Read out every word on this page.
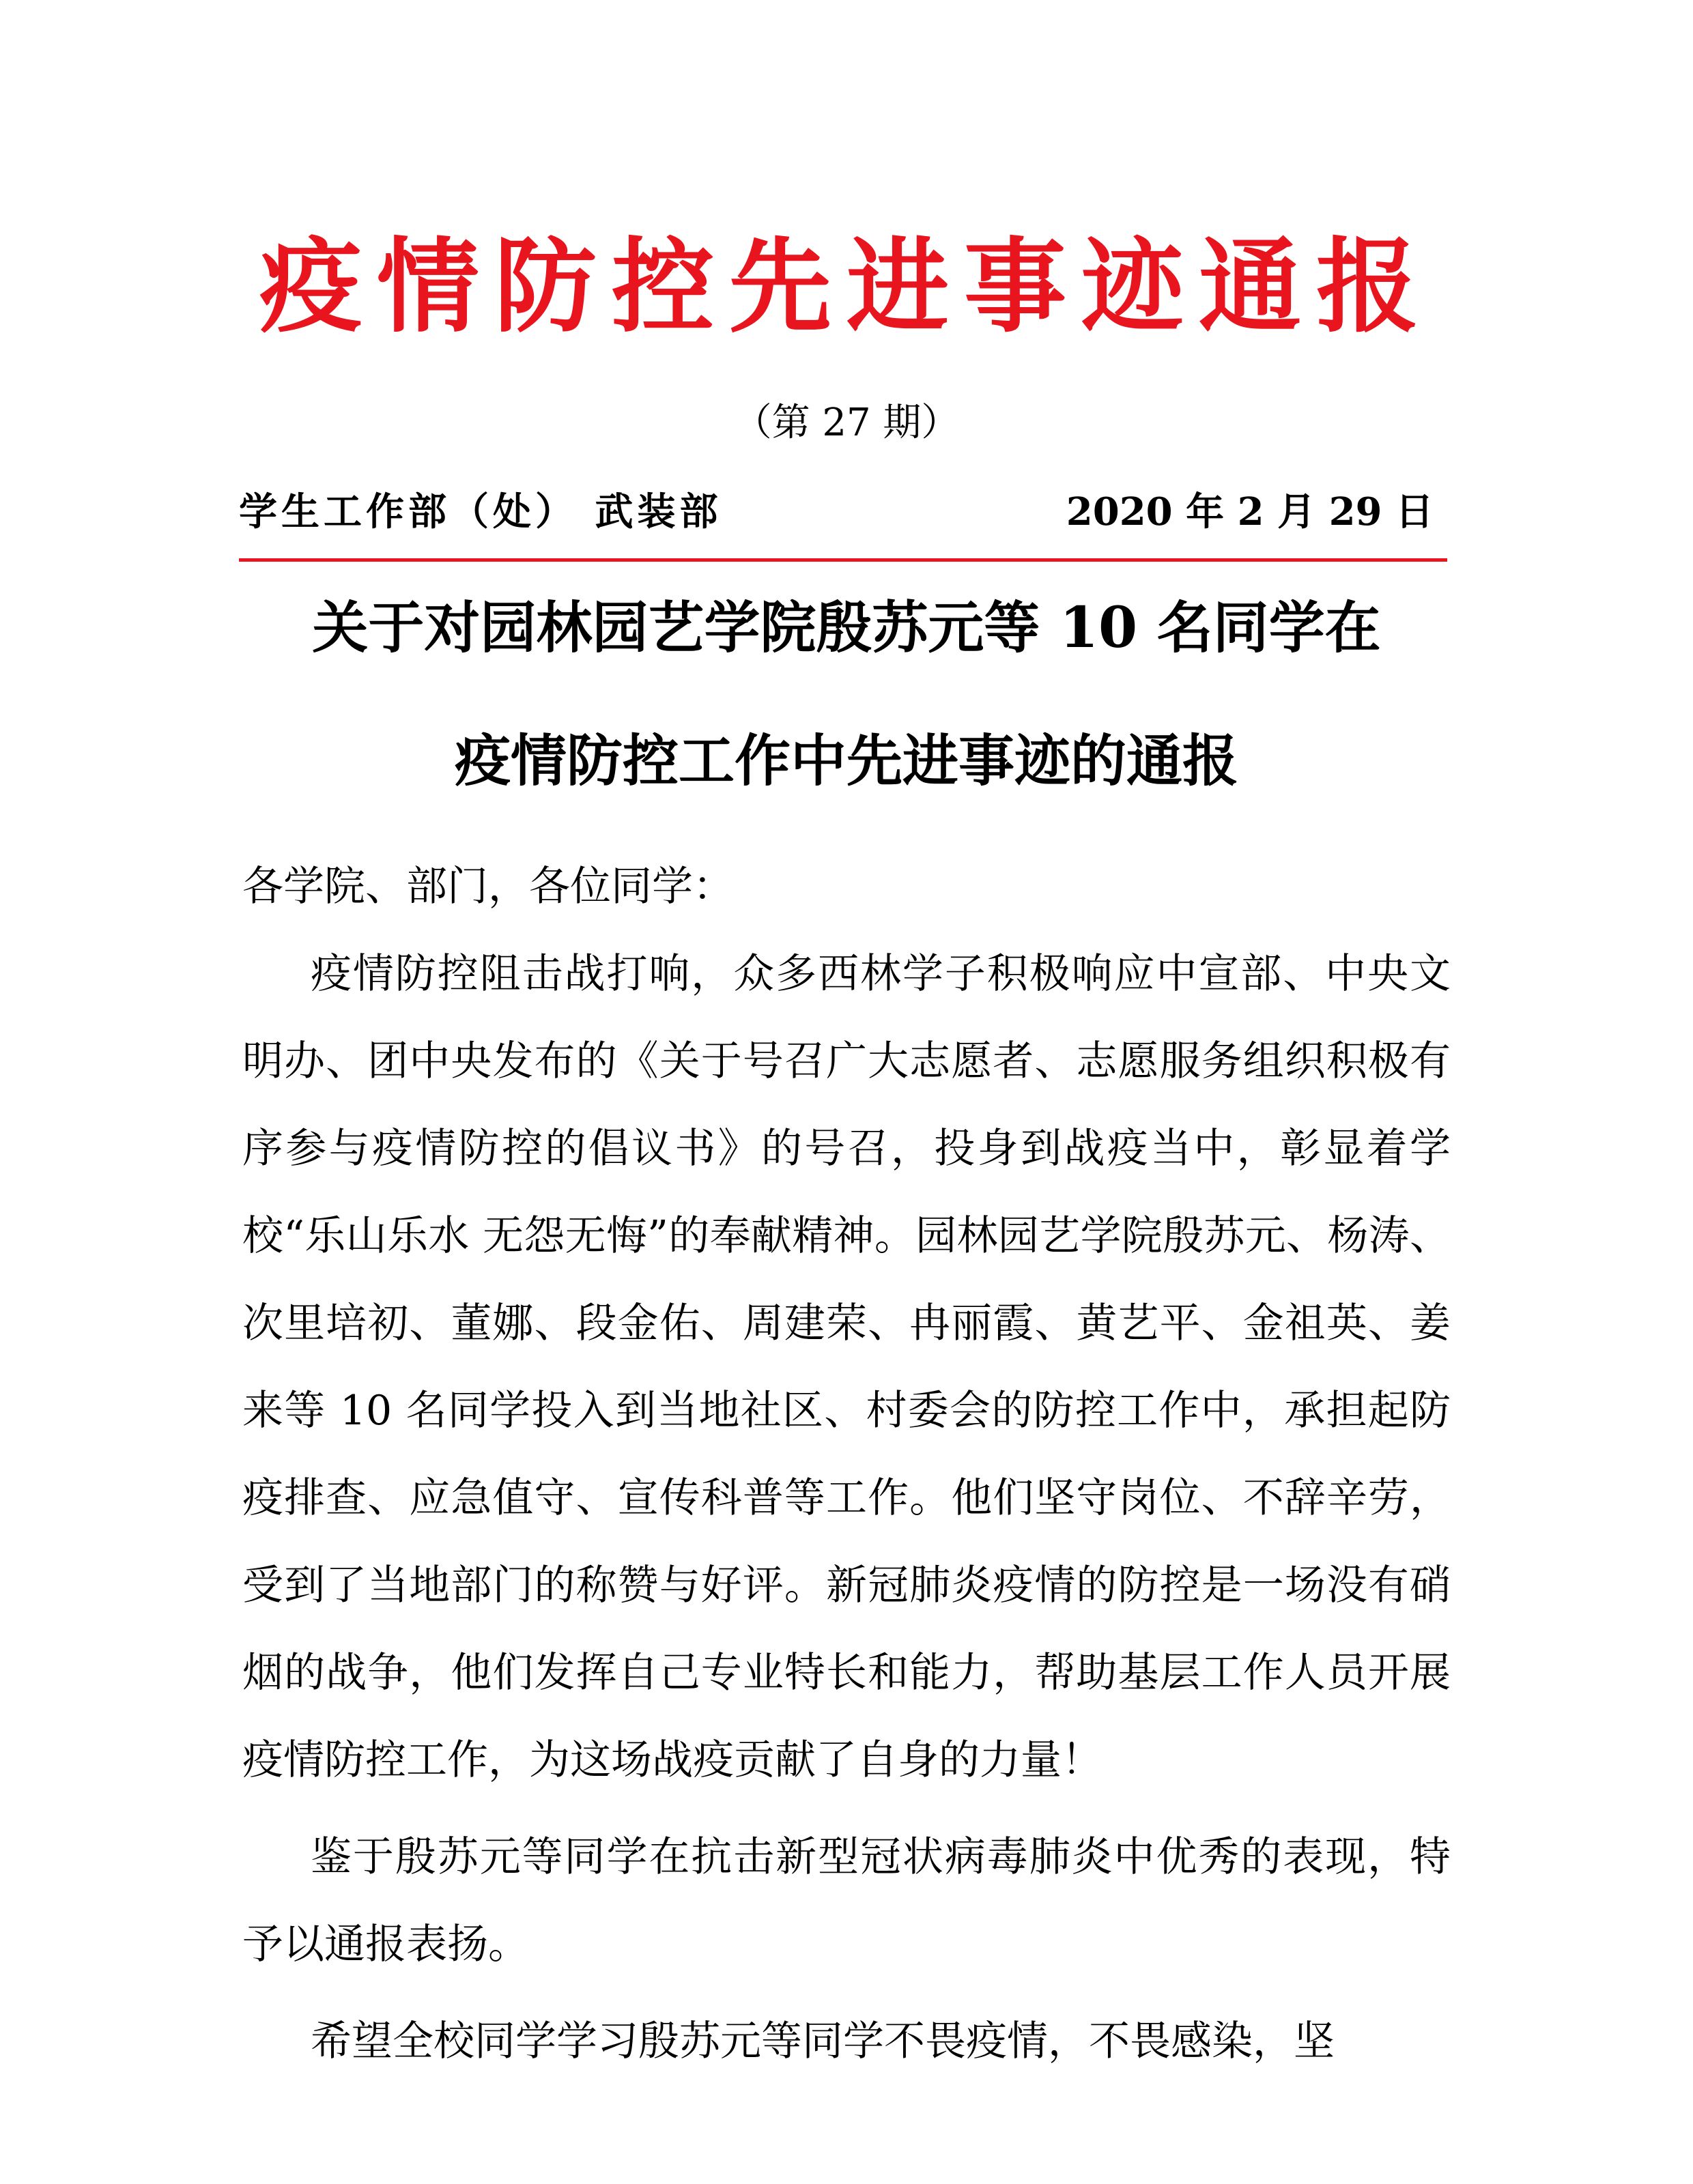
疫情防控先进事迹通报
（第 27 期）
学生工作部（处） 武装部	2020 年 2 月 29 日
关于对园林园艺学院殷苏元等 10 名同学在
疫情防控工作中先进事迹的通报

各学院、部门，各位同学：

疫情防控阻击战打响，众多西林学子积极响应中宣部、中央文明办、团中央发布的《关于号召广大志愿者、志愿服务组织积极有序参与疫情防控的倡议书》的号召，投身到战疫当中，彰显着学校“乐山乐水 无怨无悔”的奉献精神。园林园艺学院殷苏元、杨涛、次里培初、董娜、段金佑、周建荣、冉丽霞、黄艺平、金祖英、姜来等 10 名同学投入到当地社区、村委会的防控工作中，承担起防疫排查、应急值守、宣传科普等工作。他们坚守岗位、不辞辛劳，受到了当地部门的称赞与好评。新冠肺炎疫情的防控是一场没有硝烟的战争，他们发挥自己专业特长和能力，帮助基层工作人员开展疫情防控工作，为这场战疫贡献了自身的力量！

鉴于殷苏元等同学在抗击新型冠状病毒肺炎中优秀的表现，特予以通报表扬。

希望全校同学学习殷苏元等同学不畏疫情，不畏感染，坚
